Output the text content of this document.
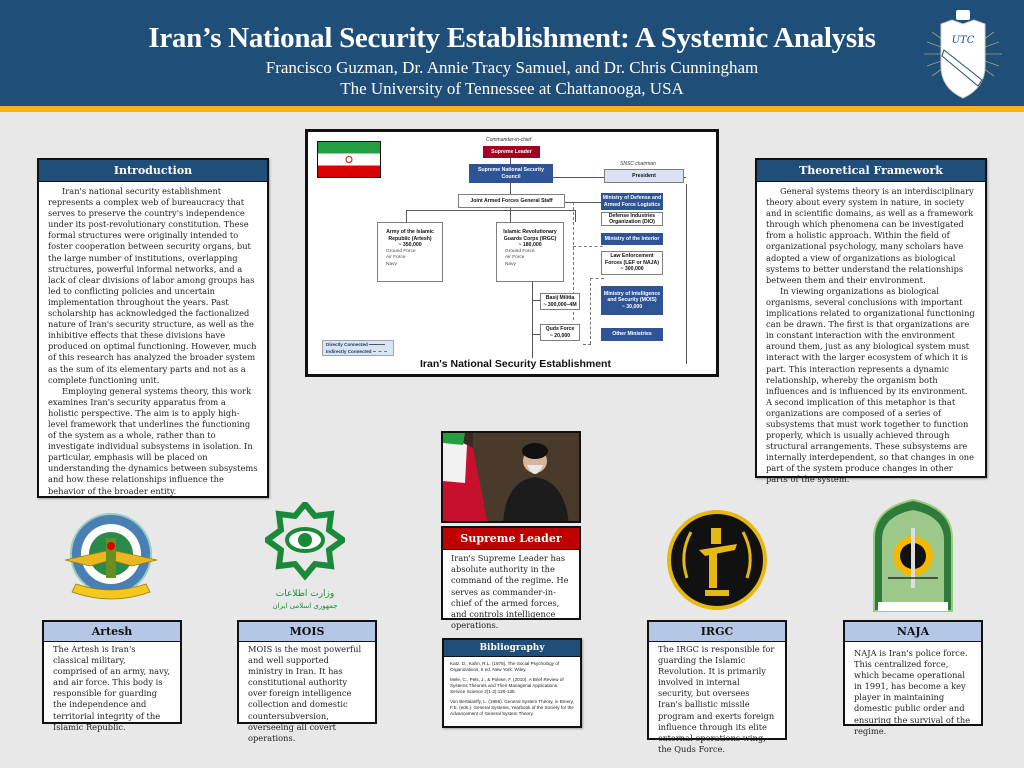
Iran’s National Security Establishment: A Systemic Analysis
Francisco Guzman, Dr. Annie Tracy Samuel, and Dr. Chris Cunningham
The University of Tennessee at Chattanooga, USA
UTC
Introduction

Iran's national security establishment represents a complex web of bureaucracy that serves to preserve the country's independence under its post-revolutionary constitution. These formal structures were originally intended to foster cooperation between security organs, but the large number of institutions, overlapping structures, powerful informal networks, and a lack of clear divisions of labor among groups has led to conflicting policies and uncertain implementation throughout the years. Past scholarship has acknowledged the factionalized nature of Iran's security structure, as well as the inhibitive effects that these divisions have produced on optimal functioning. However, much of this research has analyzed the broader system as the sum of its elementary parts and not as a complete functioning unit.

Employing general systems theory, this work examines Iran's security apparatus from a holistic perspective. The aim is to apply high-level framework that underlines the functioning of the system as a whole, rather than to investigate individual subsystems in isolation. In particular, emphasis will be placed on understanding the dynamics between subsystems and how these relationships influence the behavior of the broader entity.

Theoretical Framework

General systems theory is an interdisciplinary theory about every system in nature, in society and in scientific domains, as well as a framework through which phenomena can be investigated from a holistic approach. Within the field of organizational psychology, many scholars have adopted a view of organizations as biological systems to better understand the relationships between them and their environment.

In viewing organizations as biological organisms, several conclusions with important implications related to organizational functioning can be drawn. The first is that organizations are in constant interaction with the environment around them, just as any biological system must interact with the larger ecosystem of which it is part. This interaction represents a dynamic relationship, whereby the organism both influences and is influenced by its environment. A second implication of this metaphor is that organizations are composed of a series of subsystems that must work together to function properly, which is usually achieved through structural arrangements. These subsystems are internally interdependent, so that changes in one part of the system produce changes in other parts of the system.

Commander-in-chief
Supreme Leader
Supreme National Security Council
SNSC chairman
President
Joint Armed Forces General Staff
Army of the Islamic Republic (Artesh)
~ 350,000
Ground Force
Air Force
Navy
Islamic Revolutionary Guards Corps (IRGC)
~ 180,000
Ground Force
Air Force
Navy
Basij Militia
~ 300,000–4M
Quds Force
~ 20,000
Ministry of Defense and Armed Force Logistics
Defense Industries Organization (DIO)
Ministry of the Interior
Law Enforcement Forces (LEF or NAJA)
~ 300,000
Ministry of Intelligence and Security (MOIS)
~ 30,000
Other Ministries
Directly Connected
Indirectly Connected
Iran's National Security Establishment
Supreme Leader
Iran's Supreme Leader has absolute authority in the command of the regime. He serves as commander-in-chief of the armed forces, and controls intelligence operations.
Bibliography
Katz, D., Kahn, R.L. (1978). The Social Psychology of Organizations, II ed. New York: Wiley.
Mele, C., Pels, J., & Polese, F. (2010). A Brief Review of Systems Theories and Their Managerial Applications. Service Science 2(1-2):126-135.
Von Bertalanffy, L. (1956). General System Theory, in Bmery, F.E. (eds.). General Systems, Yearbook of the Society for the Advancement of General System Theory.
وزارت اطلاعات
جمهوری اسلامی ایران
Artesh
The Artesh is Iran's classical military, comprised of an army, navy, and air force. This body is responsible for guarding the independence and territorial integrity of the Islamic Republic.
MOIS
MOIS is the most powerful and well supported ministry in Iran. It has constitutional authority over foreign intelligence collection and domestic countersubversion, overseeing all covert operations.
IRGC
The IRGC is responsible for guarding the Islamic Revolution. It is primarily involved in internal security, but oversees Iran's ballistic missile program and exerts foreign influence through its elite external operations wing, the Quds Force.
NAJA
NAJA is Iran's police force. This centralized force, which became operational in 1991, has become a key player in maintaining domestic public order and ensuring the survival of the regime.
